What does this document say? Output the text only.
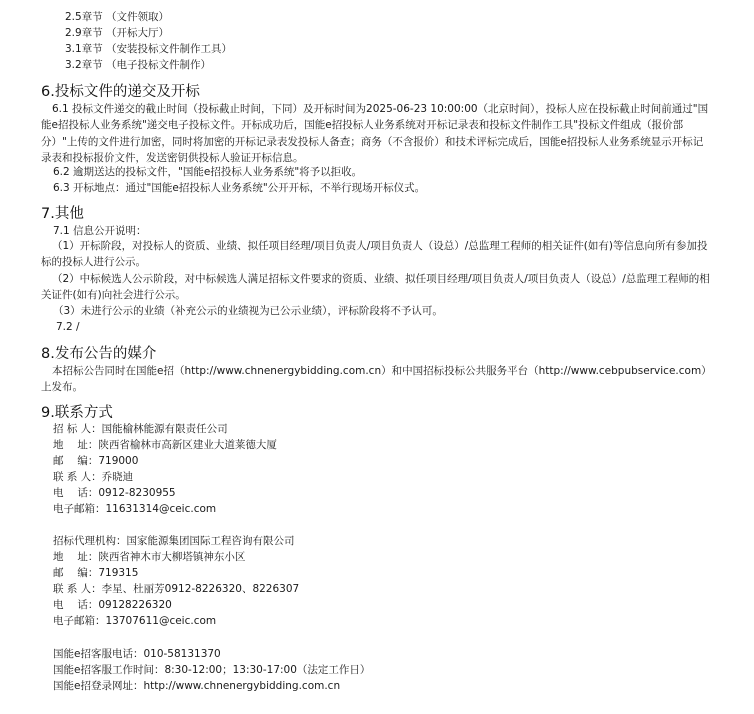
2.5章节 （文件领取）
2.9章节 （开标大厅）
3.1章节 （安装投标文件制作工具）
3.2章节 （电子投标文件制作）
6.投标文件的递交及开标
6.1 投标文件递交的截止时间（投标截止时间，下同）及开标时间为2025-06-23 10:00:00（北京时间），投标人应在投标截止时间前通过"国能e招投标人业务系统"递交电子投标文件。开标成功后，国能e招投标人业务系统对开标记录表和投标文件制作工具"投标文件组成（报价部分）"上传的文件进行加密，同时将加密的开标记录表发投标人备查；商务（不含报价）和技术评标完成后，国能e招投标人业务系统显示开标记录表和投标报价文件，发送密钥供投标人验证开标信息。
6.2 逾期送达的投标文件，"国能e招投标人业务系统"将予以拒收。
6.3 开标地点：通过"国能e招投标人业务系统"公开开标，不举行现场开标仪式。
7.其他
7.1 信息公开说明：
（1）开标阶段，对投标人的资质、业绩、拟任项目经理/项目负责人/项目负责人（设总）/总监理工程师的相关证件(如有)等信息向所有参加投标的投标人进行公示。
（2）中标候选人公示阶段，对中标候选人满足招标文件要求的资质、业绩、拟任项目经理/项目负责人/项目负责人（设总）/总监理工程师的相关证件(如有)向社会进行公示。
（3）未进行公示的业绩（补充公示的业绩视为已公示业绩），评标阶段将不予认可。
7.2 /
8.发布公告的媒介
本招标公告同时在国能e招（http://www.chnenergybidding.com.cn）和中国招标投标公共服务平台（http://www.cebpubservice.com）上发布。
9.联系方式
招 标 人：国能榆林能源有限责任公司
地　 址：陕西省榆林市高新区建业大道莱德大厦
邮　 编：719000
联 系 人：乔晓迪
电　 话：0912-8230955
电子邮箱：11631314@ceic.com
招标代理机构：国家能源集团国际工程咨询有限公司
地　 址：陕西省神木市大柳塔镇神东小区
邮　 编：719315
联 系 人：李星、杜丽芳0912-8226320、8226307
电　 话：09128226320
电子邮箱：13707611@ceic.com
国能e招客服电话：010-58131370
国能e招客服工作时间：8:30-12:00；13:30-17:00（法定工作日）
国能e招登录网址：http://www.chnenergybidding.com.cn
